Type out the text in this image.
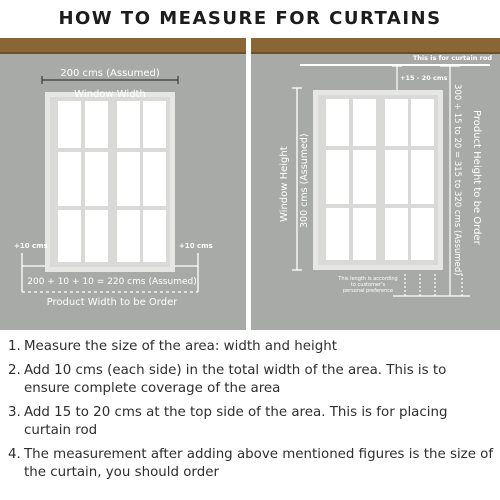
HOW TO MEASURE FOR CURTAINS
200 cms (Assumed)
Window Width
+10 cms	+10 cms
200 + 10 + 10 = 220 cms (Assumed)
Product Width to be Order
This is for curtain rod
+15 - 20 cms
Window Height 300 cms (Assumed)	300 + 15 to 20 = 315 to 320 cms (Assumed) Product Height to be Order
This length is according
to customer's
personal preference
1. Measure the size of the area: width and height
2. Add 10 cms (each side) in the total width of the area. This is to ensure complete coverage of the area
3. Add 15 to 20 cms at the top side of the area. This is for placing curtain rod
4. The measurement after adding above mentioned figures is the size of the curtain, you should order
